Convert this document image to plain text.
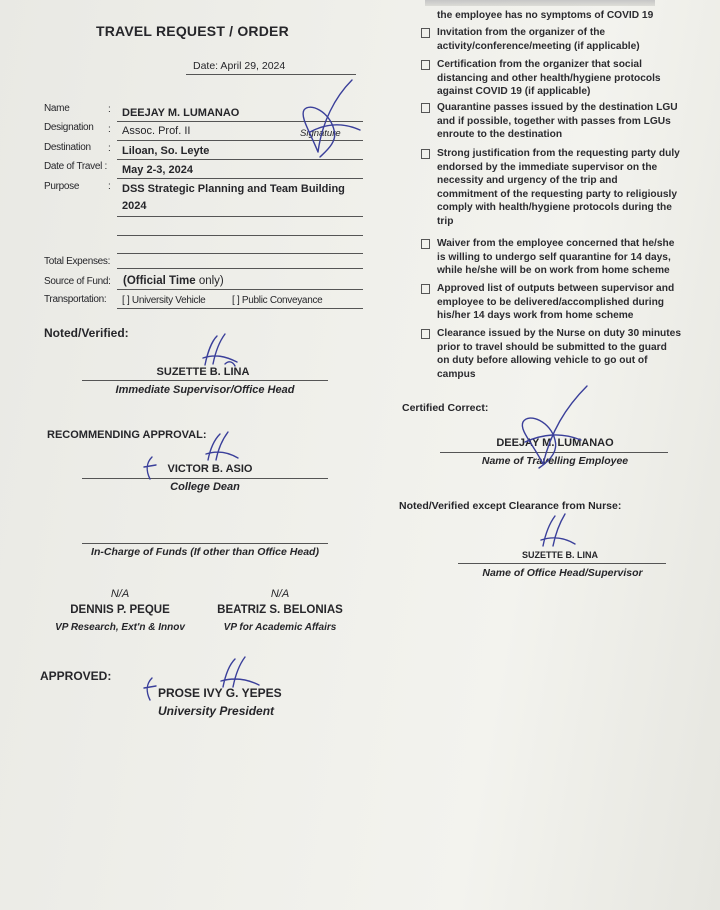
TRAVEL REQUEST / ORDER
Date: April 29, 2024
Name	: DEEJAY M. LUMANAO
Designation : Assoc. Prof. II	Signature
Destination : Liloan, So. Leyte
Date of Travel : May 2-3, 2024
Purpose	: DSS Strategic Planning and Team Building
2024
Total Expenses:
Source of Fund: (Official Time only)
Transportation: [ ] University Vehicle	[ ] Public Conveyance
Noted/Verified:
SUZETTE B. LINA
Immediate Supervisor/Office Head
RECOMMENDING APPROVAL:
VICTOR B. ASIO
College Dean
In-Charge of Funds (If other than Office Head)
N/A
DENNIS P. PEQUE
VP Research, Ext'n & Innov
N/A
BEATRIZ S. BELONIAS
VP for Academic Affairs
APPROVED:
PROSE IVY G. YEPES
University President
the employee has no symptoms of COVID 19
Invitation from the organizer of the
activity/conference/meeting (if applicable)
Certification from the organizer that social
distancing and other health/hygiene protocols
against COVID 19 (if applicable)
Quarantine passes issued by the destination LGU
and if possible, together with passes from LGUs
enroute to the destination
Strong justification from the requesting party duly
endorsed by the immediate supervisor on the
necessity and urgency of the trip and
commitment of the requesting party to religiously
comply with health/hygiene protocols during the
trip
Waiver from the employee concerned that he/she
is willing to undergo self quarantine for 14 days,
while he/she will be on work from home scheme
Approved list of outputs between supervisor and
employee to be delivered/accomplished during
his/her 14 days work from home scheme
Clearance issued by the Nurse on duty 30 minutes
prior to travel should be submitted to the guard
on duty before allowing vehicle to go out of
campus
Certified Correct:
DEEJAY M. LUMANAO
Name of Travelling Employee
Noted/Verified except Clearance from Nurse:
SUZETTE B. LINA
Name of Office Head/Supervisor
